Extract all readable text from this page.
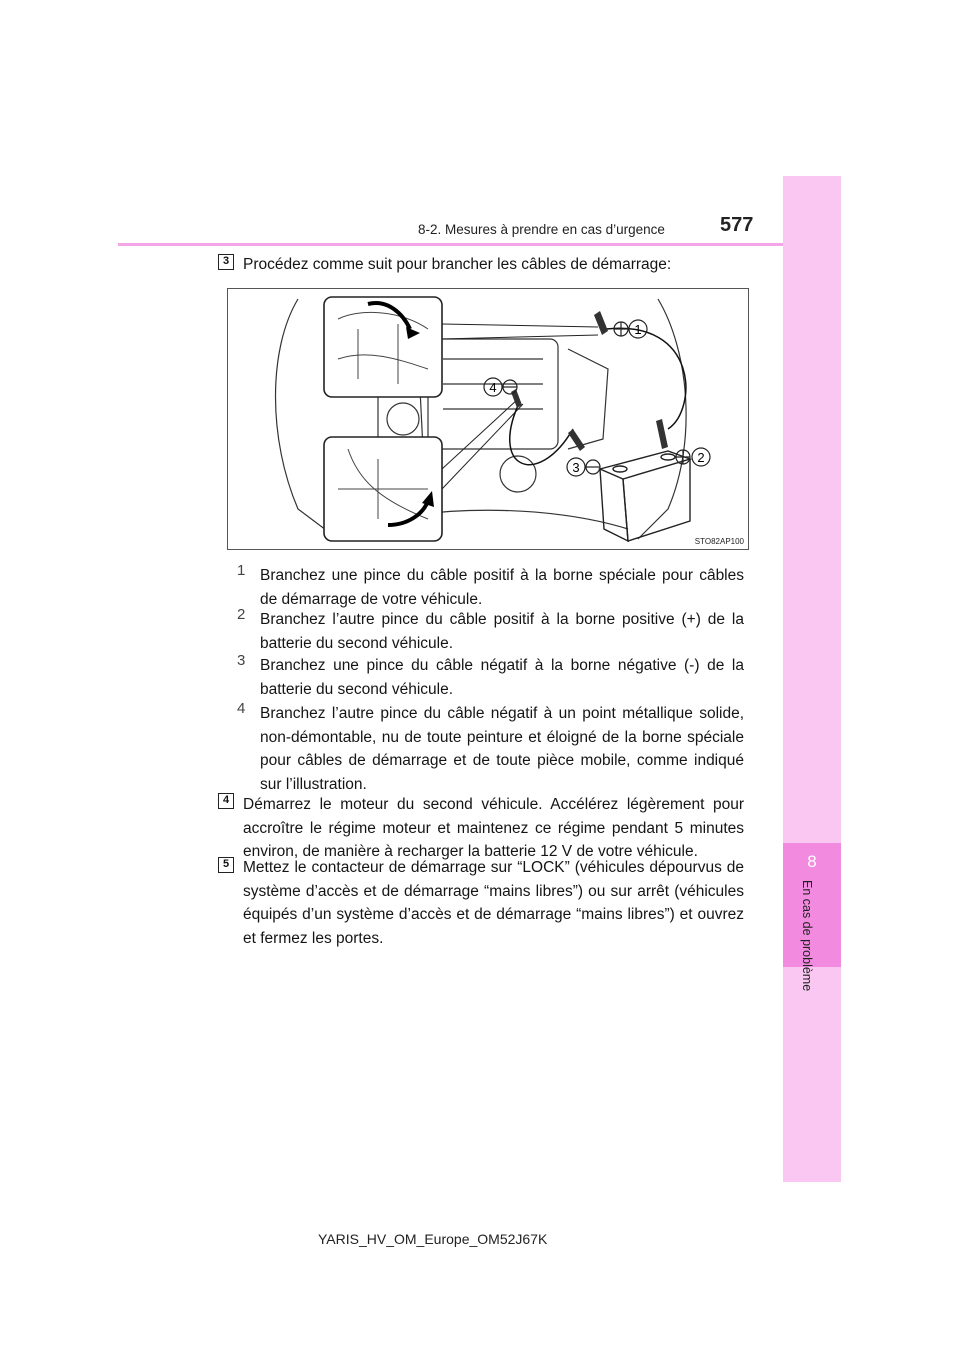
8-2. Mesures à prendre en cas d’urgence	577
8
En cas de problème
3 Procédez comme suit pour brancher les câbles de démarrage:
1
2
3
4
STO82AP100
1 Branchez une pince du câble positif à la borne spéciale pour câbles de démarrage de votre véhicule.
2 Branchez l’autre pince du câble positif à la borne positive (+) de la batterie du second véhicule.
3 Branchez une pince du câble négatif à la borne négative (-) de la batterie du second véhicule.
4 Branchez l’autre pince du câble négatif à un point métallique solide, non-démontable, nu de toute peinture et éloigné de la borne spéciale pour câbles de démarrage et de toute pièce mobile, comme indiqué sur l’illustration.
4 Démarrez le moteur du second véhicule. Accélérez légèrement pour accroître le régime moteur et maintenez ce régime pendant 5 minutes environ, de manière à recharger la batterie 12 V de votre véhicule.
5 Mettez le contacteur de démarrage sur “LOCK” (véhicules dépourvus de système d’accès et de démarrage “mains libres”) ou sur arrêt (véhicules équipés d’un système d’accès et de démarrage “mains libres”) et ouvrez et fermez les portes.
YARIS_HV_OM_Europe_OM52J67K
